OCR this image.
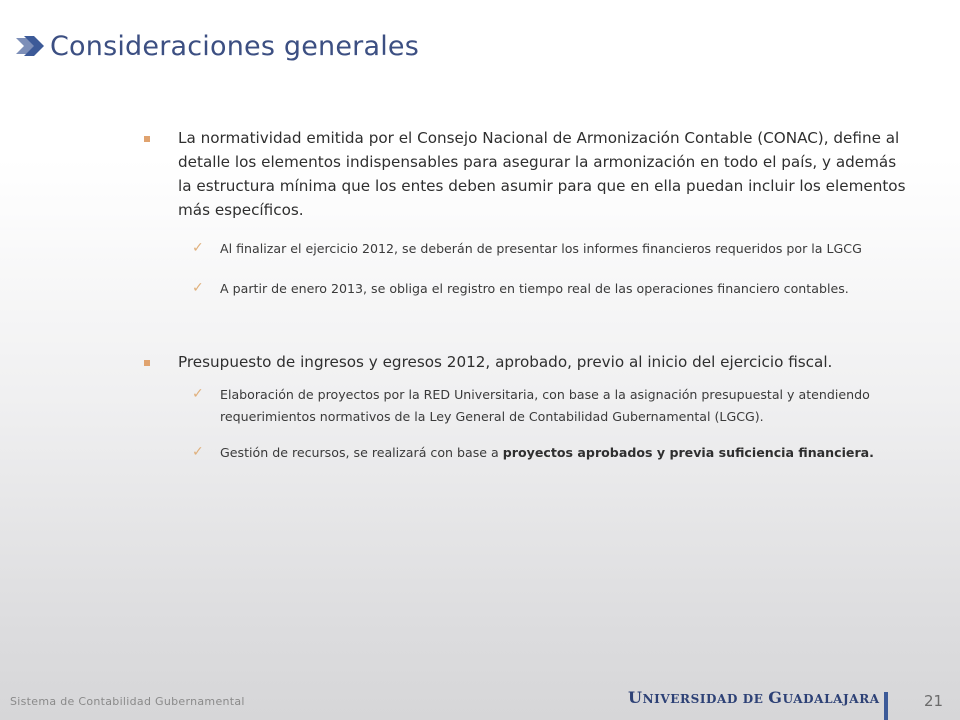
Consideraciones generales
La normatividad emitida por el Consejo Nacional de Armonización Contable (CONAC), define al detalle los elementos indispensables para asegurar la armonización en todo el país, y además la estructura mínima que los entes deben asumir para que en ella puedan incluir los elementos más específicos.
✓ Al finalizar el ejercicio 2012, se deberán de presentar los informes financieros requeridos por la LGCG
✓ A partir de enero 2013, se obliga el registro en tiempo real de las operaciones financiero contables.
Presupuesto de ingresos y egresos 2012, aprobado, previo al inicio del ejercicio fiscal.
✓ Elaboración de proyectos por la RED Universitaria, con base a la asignación presupuestal y atendiendo requerimientos normativos de la Ley General de Contabilidad Gubernamental (LGCG).
✓ Gestión de recursos, se realizará con base a proyectos aprobados y previa suficiencia financiera.
Sistema de Contabilidad Gubernamental	UNIVERSIDAD DE GUADALAJARA	21
